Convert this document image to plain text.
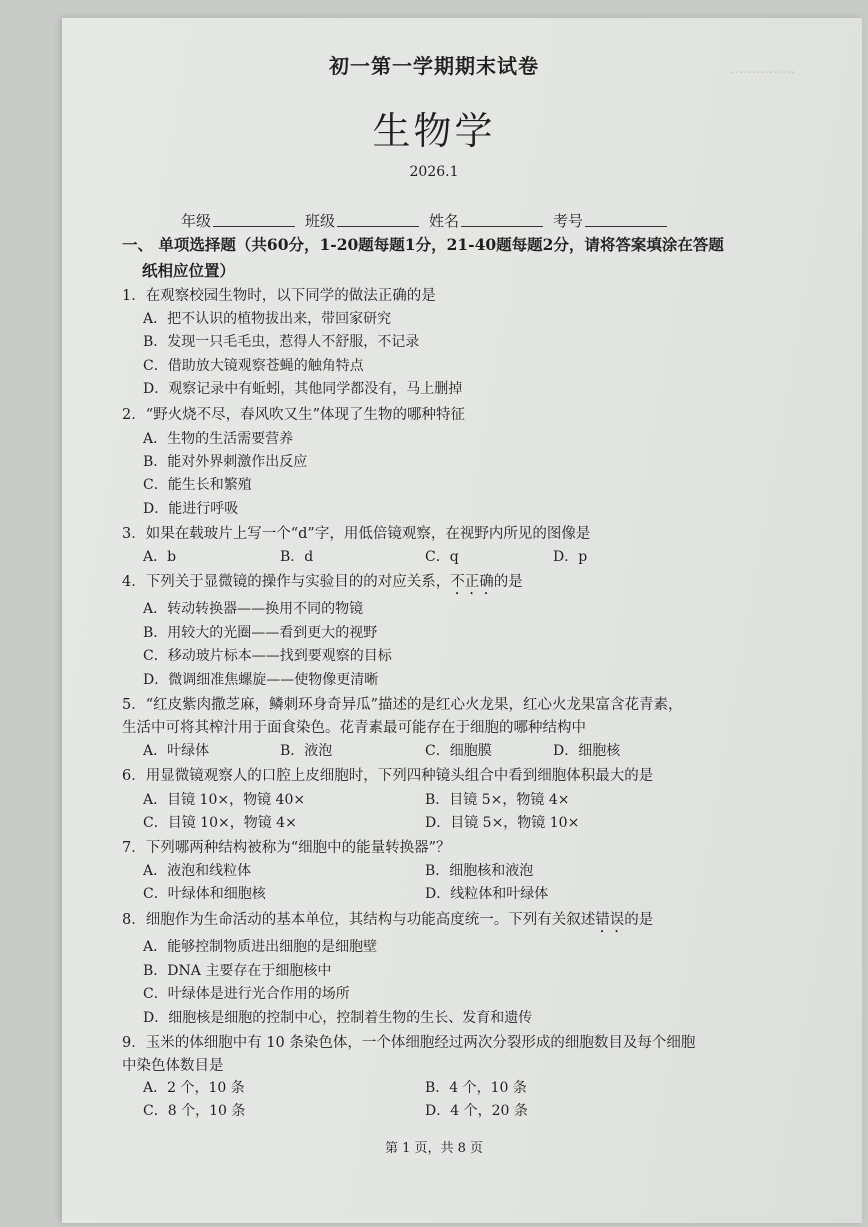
……………
初一第一学期期末试卷
生物学
2026.1
年级	班级	姓名	考号
一、 单项选择题（共60分，1-20题每题1分，21-40题每题2分，请将答案填涂在答题
纸相应位置）
1．在观察校园生物时，以下同学的做法正确的是
A．把不认识的植物拔出来，带回家研究
B．发现一只毛毛虫，惹得人不舒服，不记录
C．借助放大镜观察苍蝇的触角特点
D．观察记录中有蚯蚓，其他同学都没有，马上删掉
2．“野火烧不尽，春风吹又生”体现了生物的哪种特征
A．生物的生活需要营养
B．能对外界刺激作出反应
C．能生长和繁殖
D．能进行呼吸
3．如果在载玻片上写一个“d”字，用低倍镜观察，在视野内所见的图像是
A．b	B．d	C．q	D．p
4．下列关于显微镜的操作与实验目的的对应关系，不正确的是
A．转动转换器——换用不同的物镜
B．用较大的光圈——看到更大的视野
C．移动玻片标本——找到要观察的目标
D．微调细准焦螺旋——使物像更清晰
5．“红皮紫肉撒芝麻，鳞刺环身奇异瓜”描述的是红心火龙果，红心火龙果富含花青素，
生活中可将其榨汁用于面食染色。花青素最可能存在于细胞的哪种结构中
A．叶绿体	B．液泡	C．细胞膜	D．细胞核
6．用显微镜观察人的口腔上皮细胞时，下列四种镜头组合中看到细胞体积最大的是
A．目镜 10×，物镜 40×	B．目镜 5×，物镜 4×
C．目镜 10×，物镜 4×	D．目镜 5×，物镜 10×
7．下列哪两种结构被称为“细胞中的能量转换器”？
A．液泡和线粒体	B．细胞核和液泡
C．叶绿体和细胞核	D．线粒体和叶绿体
8．细胞作为生命活动的基本单位，其结构与功能高度统一。下列有关叙述错误的是
A．能够控制物质进出细胞的是细胞壁
B．DNA 主要存在于细胞核中
C．叶绿体是进行光合作用的场所
D．细胞核是细胞的控制中心，控制着生物的生长、发育和遗传
9．玉米的体细胞中有 10 条染色体，一个体细胞经过两次分裂形成的细胞数目及每个细胞
中染色体数目是
A．2 个，10 条	B．4 个，10 条
C．8 个，10 条	D．4 个，20 条
第 1 页，共 8 页
